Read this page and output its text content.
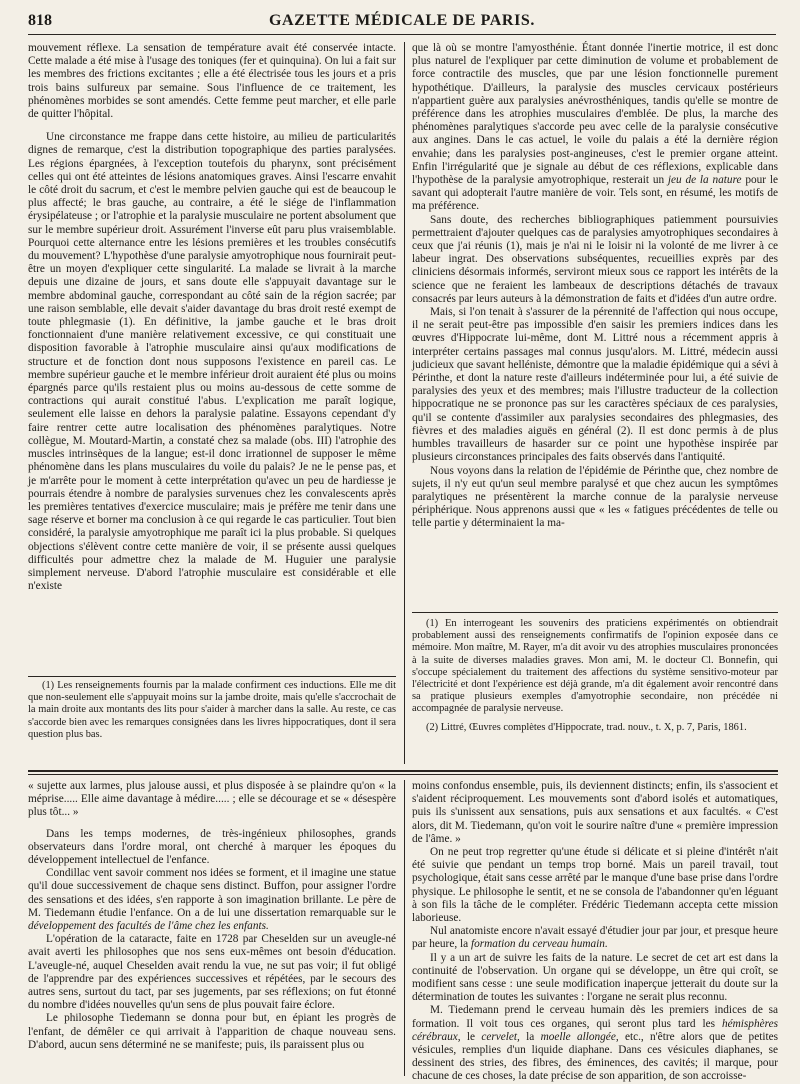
818	GAZETTE MÉDICALE DE PARIS.

mouvement réflexe. La sensation de température avait été conservée intacte. Cette malade a été mise à l'usage des toniques (fer et quinquina). On lui a fait sur les membres des frictions excitantes ; elle a été électrisée tous les jours et a pris trois bains sulfureux par semaine. Sous l'influence de ce traitement, les phénomènes morbides se sont amendés. Cette femme peut marcher, et elle parle de quitter l'hôpital.

Une circonstance me frappe dans cette histoire, au milieu de particularités dignes de remarque, c'est la distribution topographique des parties paralysées. Les régions épargnées, à l'exception toutefois du pharynx, sont précisément celles qui ont été atteintes de lésions anatomiques graves. Ainsi l'escarre envahit le côté droit du sacrum, et c'est le membre pelvien gauche qui est de beaucoup le plus affecté; le bras gauche, au contraire, a été le siége de l'inflammation érysipélateuse ; or l'atrophie et la paralysie musculaire ne portent absolument que sur le membre supérieur droit. Assurément l'inverse eût paru plus vraisemblable. Pourquoi cette alternance entre les lésions premières et les troubles consécutifs du mouvement? L'hypothèse d'une paralysie amyotrophique nous fournirait peut-être un moyen d'expliquer cette singularité. La malade se livrait à la marche depuis une dizaine de jours, et sans doute elle s'appuyait davantage sur le membre abdominal gauche, correspondant au côté sain de la région sacrée; par une raison semblable, elle devait s'aider davantage du bras droit resté exempt de toute phlegmasie (1). En définitive, la jambe gauche et le bras droit fonctionnaient d'une manière relativement excessive, ce qui constituait une disposition favorable à l'atrophie musculaire ainsi qu'aux modifications de structure et de fonction dont nous supposons l'existence en pareil cas. Le membre supérieur gauche et le membre inférieur droit auraient été plus ou moins épargnés parce qu'ils restaient plus ou moins au-dessous de cette somme de contractions qui aurait constitué l'abus. L'explication me paraît logique, seulement elle laisse en dehors la paralysie palatine. Essayons cependant d'y faire rentrer cette autre localisation des phénomènes paralytiques. Notre collègue, M. Moutard-Martin, a constaté chez sa malade (obs. III) l'atrophie des muscles intrinsèques de la langue; est-il donc irrationnel de supposer le même phénomène dans les plans musculaires du voile du palais? Je ne le pense pas, et je m'arrête pour le moment à cette interprétation qu'avec un peu de hardiesse je pourrais étendre à nombre de paralysies survenues chez les convalescents après les premières tentatives d'exercice musculaire; mais je préfère me tenir dans une sage réserve et borner ma conclusion à ce qui regarde le cas particulier. Tout bien considéré, la paralysie amyotrophique me paraît ici la plus probable. Si quelques objections s'élèvent contre cette manière de voir, il se présente aussi quelques difficultés pour admettre chez la malade de M. Huguier une paralysie simplement nerveuse. D'abord l'atrophie musculaire est considérable et elle n'existe

(1) Les renseignements fournis par la malade confirment ces inductions. Elle me dit que non-seulement elle s'appuyait moins sur la jambe droite, mais qu'elle s'accrochait de la main droite aux montants des lits pour s'aider à marcher dans la salle. Au reste, ce cas s'accorde bien avec les remarques consignées dans les livres hippocratiques, dont il sera question plus bas.

que là où se montre l'amyosthénie. Étant donnée l'inertie motrice, il est donc plus naturel de l'expliquer par cette diminution de volume et probablement de force contractile des muscles, que par une lésion fonctionnelle purement hypothétique. D'ailleurs, la paralysie des muscles cervicaux postérieurs n'appartient guère aux paralysies anévrosthéniques, tandis qu'elle se montre de préférence dans les atrophies musculaires d'emblée. De plus, la marche des phénomènes paralytiques s'accorde peu avec celle de la paralysie consécutive aux angines. Dans le cas actuel, le voile du palais a été la dernière région envahie; dans les paralysies post-angineuses, c'est le premier organe atteint. Enfin l'irrégularité que je signale au début de ces réflexions, explicable dans l'hypothèse de la paralysie amyotrophique, resterait un jeu de la nature pour le savant qui adopterait l'autre manière de voir. Tels sont, en résumé, les motifs de ma préférence.

Sans doute, des recherches bibliographiques patiemment poursuivies permettraient d'ajouter quelques cas de paralysies amyotrophiques secondaires à ceux que j'ai réunis (1), mais je n'ai ni le loisir ni la volonté de me livrer à ce labeur ingrat. Des observations subséquentes, recueillies exprès par des cliniciens désormais informés, serviront mieux sous ce rapport les intérêts de la science que ne feraient les lambeaux de descriptions détachés de travaux consacrés par leurs auteurs à la démonstration de faits et d'idées d'un autre ordre.

Mais, si l'on tenait à s'assurer de la pérennité de l'affection qui nous occupe, il ne serait peut-être pas impossible d'en saisir les premiers indices dans les œuvres d'Hippocrate lui-même, dont M. Littré nous a récemment appris à interpréter certains passages mal connus jusqu'alors. M. Littré, médecin aussi judicieux que savant helléniste, démontre que la maladie épidémique qui a sévi à Périnthe, et dont la nature reste d'ailleurs indéterminée pour lui, a été suivie de paralysies des yeux et des membres; mais l'illustre traducteur de la collection hippocratique ne se prononce pas sur les caractères spéciaux de ces paralysies, qu'il se contente d'assimiler aux paralysies secondaires des phlegmasies, des fièvres et des maladies aiguës en général (2). Il est donc permis à de plus humbles travailleurs de hasarder sur ce point une hypothèse inspirée par plusieurs circonstances principales des faits observés dans l'antiquité.

Nous voyons dans la relation de l'épidémie de Périnthe que, chez nombre de sujets, il n'y eut qu'un seul membre paralysé et que chez aucun les symptômes paralytiques ne présentèrent la marche connue de la paralysie nerveuse périphérique. Nous apprenons aussi que « les « fatigues précédentes de telle ou telle partie y déterminaient la ma-

(1) En interrogeant les souvenirs des praticiens expérimentés on obtiendrait probablement aussi des renseignements confirmatifs de l'opinion exposée dans ce mémoire. Mon maître, M. Rayer, m'a dit avoir vu des atrophies musculaires prononcées à la suite de diverses maladies graves. Mon ami, M. le docteur Cl. Bonnefin, qui s'occupe spécialement du traitement des affections du système sensitivo-moteur par l'électricité et dont l'expérience est déjà grande, m'a dit également avoir rencontré dans sa pratique plusieurs exemples d'amyotrophie secondaire, non précédée ni accompagnée de paralysie nerveuse.

(2) Littré, Œuvres complètes d'Hippocrate, trad. nouv., t. X, p. 7, Paris, 1861.

« sujette aux larmes, plus jalouse aussi, et plus disposée à se plaindre qu'on « la méprise..... Elle aime davantage à médire..... ; elle se décourage et se « désespère plus tôt... »

Dans les temps modernes, de très-ingénieux philosophes, grands observateurs dans l'ordre moral, ont cherché à marquer les époques du développement intellectuel de l'enfance.

Condillac vent savoir comment nos idées se forment, et il imagine une statue qu'il doue successivement de chaque sens distinct. Buffon, pour assigner l'ordre des sensations et des idées, s'en rapporte à son imagination brillante. Le père de M. Tiedemann étudie l'enfance. On a de lui une dissertation remarquable sur le développement des facultés de l'âme chez les enfants.

L'opération de la cataracte, faite en 1728 par Cheselden sur un aveugle-né avait averti les philosophes que nos sens eux-mêmes ont besoin d'éducation. L'aveugle-né, auquel Cheselden avait rendu la vue, ne sut pas voir; il fut obligé de l'apprendre par des expériences successives et répétées, par le secours des autres sens, surtout du tact, par ses jugements, par ses réflexions; on fut étonné du nombre d'idées nouvelles qu'un sens de plus pouvait faire éclore.

Le philosophe Tiedemann se donna pour but, en épiant les progrès de l'enfant, de démêler ce qui arrivait à l'apparition de chaque nouveau sens. D'abord, aucun sens déterminé ne se manifeste; puis, ils paraissent plus ou

moins confondus ensemble, puis, ils deviennent distincts; enfin, ils s'associent et s'aident réciproquement. Les mouvements sont d'abord isolés et automatiques, puis ils s'unissent aux sensations, puis aux sensations et aux facultés. « C'est alors, dit M. Tiedemann, qu'on voit le sourire naître d'une « première impression de l'âme. »

On ne peut trop regretter qu'une étude si délicate et si pleine d'intérêt n'ait été suivie que pendant un temps trop borné. Mais un pareil travail, tout psychologique, était sans cesse arrêté par le manque d'une base prise dans l'ordre physique. Le philosophe le sentit, et ne se consola de l'abandonner qu'en léguant à son fils la tâche de le compléter. Frédéric Tiedemann accepta cette mission laborieuse.

Nul anatomiste encore n'avait essayé d'étudier jour par jour, et presque heure par heure, la formation du cerveau humain.

Il y a un art de suivre les faits de la nature. Le secret de cet art est dans la continuité de l'observation. Un organe qui se développe, un être qui croît, se modifient sans cesse : une seule modification inaperçue jetterait du doute sur la détermination de toutes les suivantes : l'organe ne serait plus reconnu.

M. Tiedemann prend le cerveau humain dès les premiers indices de sa formation. Il voit tous ces organes, qui seront plus tard les hémisphères cérébraux, le cervelet, la moelle allongée, etc., n'être alors que de petites vésicules, remplies d'un liquide diaphane. Dans ces vésicules diaphanes, se dessinent des stries, des fibres, des éminences, des cavités; il marque, pour chacune de ces choses, la date précise de son apparition, de son accroisse-
